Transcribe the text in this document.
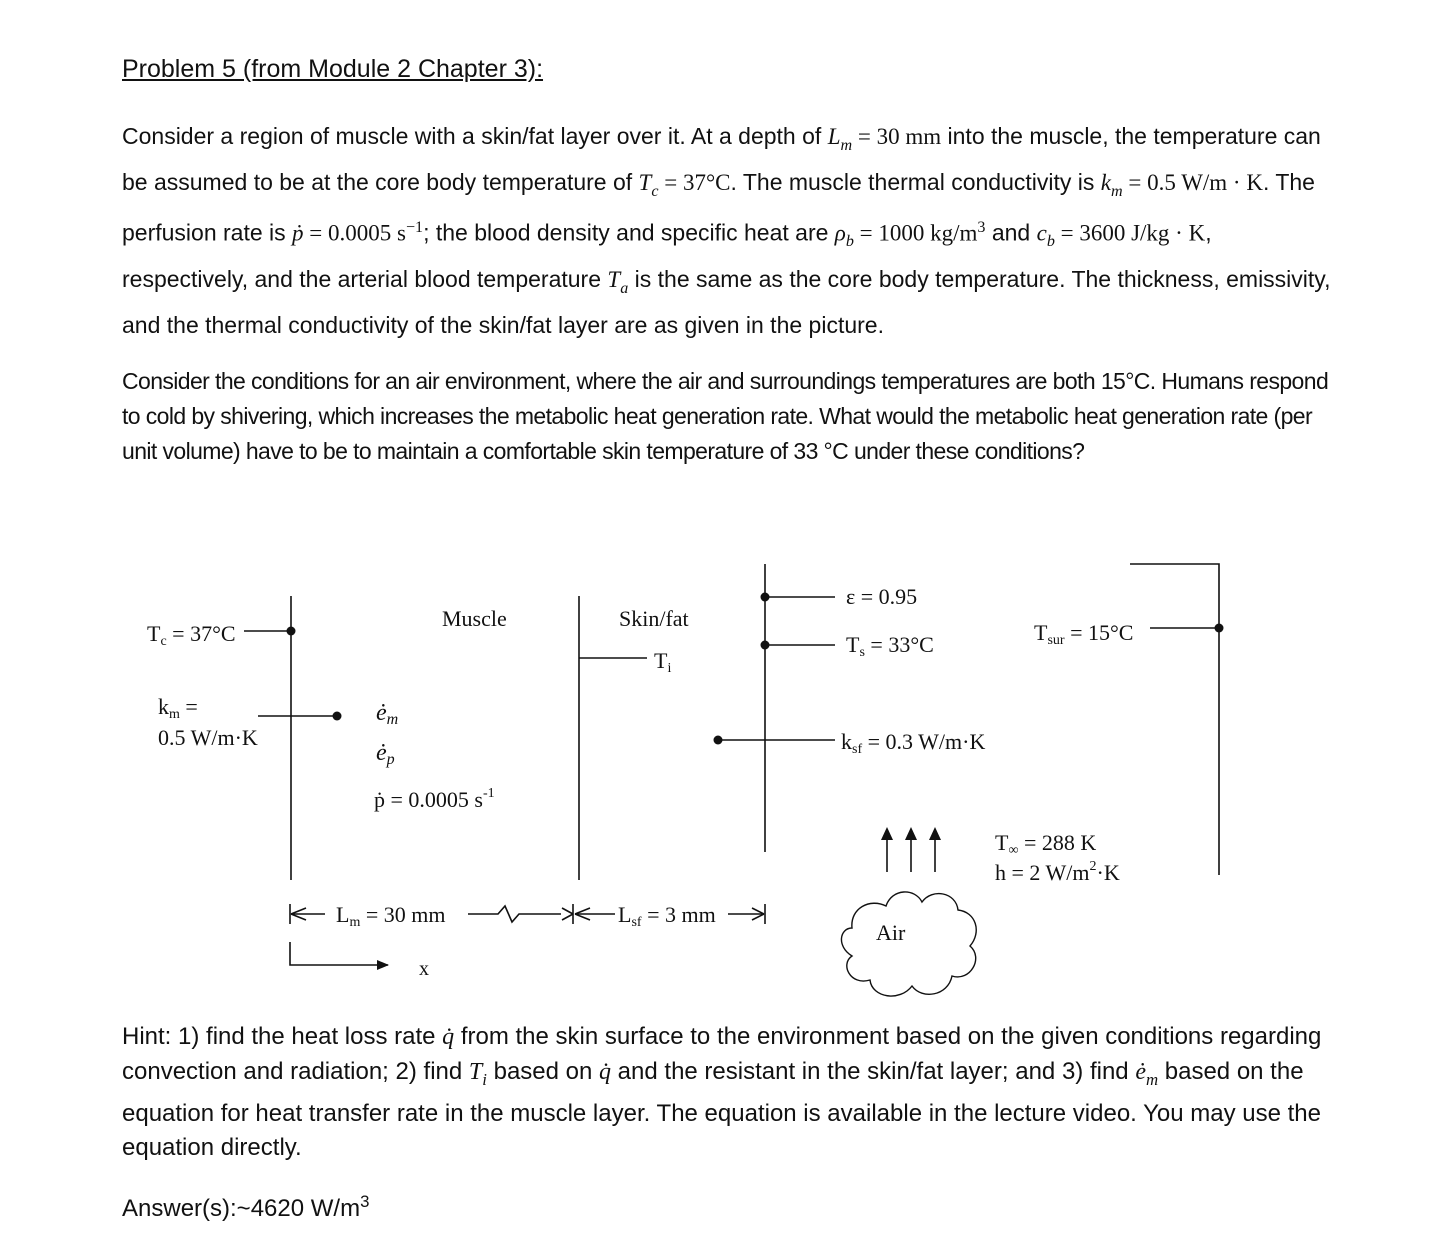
Problem 5 (from Module 2 Chapter 3):
Consider a region of muscle with a skin/fat layer over it. At a depth of $L_m = 30$ mm into the muscle, the temperature can be assumed to be at the core body temperature of $T_c = 37^\circ C$. The muscle thermal conductivity is $k_m = 0.5$ W/m · K. The perfusion rate is ṗ = 0.0005 $s^{-1}$; the blood density and specific heat are $\rho_b = 1000$ $kg/m^3$ and $c_b = 3600$ J/kg · K, respectively, and the arterial blood temperature $T_a$ is the same as the core body temperature. The thickness, emissivity, and the thermal conductivity of the skin/fat layer are as given in the picture.
Consider the conditions for an air environment, where the air and surroundings temperatures are both 15°C. Humans respond to cold by shivering, which increases the metabolic heat generation rate. What would the metabolic heat generation rate (per unit volume) have to be to maintain a comfortable skin temperature of 33 °C under these conditions?
Tc = 37°C
Muscle	Skin/fat
Ti
km =
0.5 W/m·K
ėm
ėp
ṗ = 0.0005 $s^{-1}$
ε = 0.95
Ts = 33°C	Tsur = 15°C
ksf = 0.3 W/m·K
T∞ = 288 K
h = 2 $W/m^2\cdot K$
Lm = 30 mm	Lsf = 3 mm
x
Air
Hint: 1) find the heat loss rate q̇ from the skin surface to the environment based on the given conditions regarding convection and radiation; 2) find $T_i$ based on q̇ and the resistant in the skin/fat layer; and 3) find $ė_m$ based on the equation for heat transfer rate in the muscle layer. The equation is available in the lecture video. You may use the equation directly.
Answer(s):~4620 $W/m^3$
